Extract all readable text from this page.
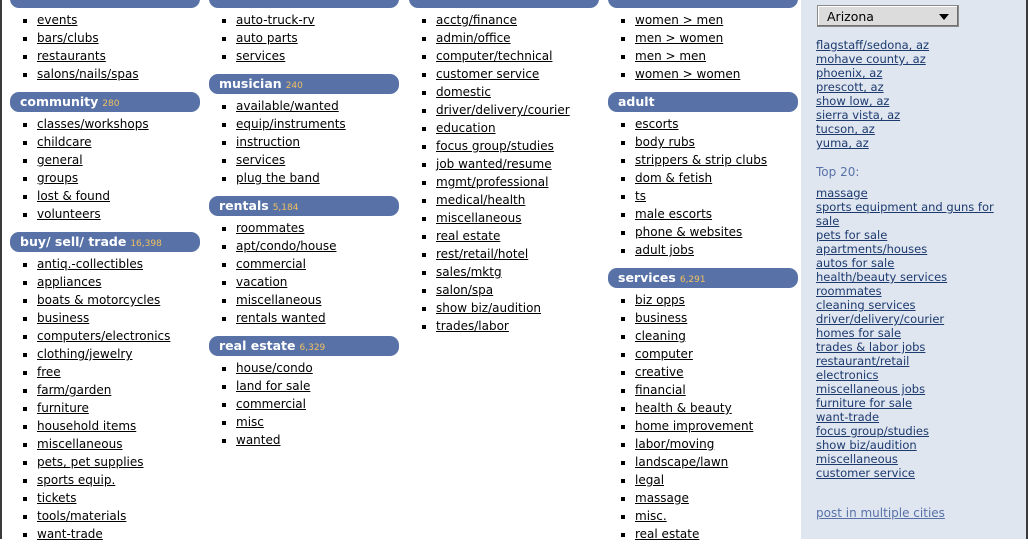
events
bars/clubs
restaurants
salons/nails/spas
community 280
classes/workshops
childcare
general
groups
lost & found
volunteers
buy/ sell/ trade 16,398
antiq.-collectibles
appliances
boats & motorcycles
business
computers/electronics
clothing/jewelry
free
farm/garden
furniture
household items
miscellaneous
pets, pet supplies
sports equip.
tickets
tools/materials
want-trade
auto-truck-rv
auto parts
services
musician 240
available/wanted
equip/instruments
instruction
services
plug the band
rentals 5,184
roommates
apt/condo/house
commercial
vacation
miscellaneous
rentals wanted
real estate 6,329
house/condo
land for sale
commercial
misc
wanted
acctg/finance
admin/office
computer/technical
customer service
domestic
driver/delivery/courier
education
focus group/studies
job wanted/resume
mgmt/professional
medical/health
miscellaneous
real estate
rest/retail/hotel
sales/mktg
salon/spa
show biz/audition
trades/labor
women > men
men > women
men > men
women > women
adult
escorts
body rubs
strippers & strip clubs
dom & fetish
ts
male escorts
phone & websites
adult jobs
services 6,291
biz opps
business
cleaning
computer
creative
financial
health & beauty
home improvement
labor/moving
landscape/lawn
legal
massage
misc.
real estate
Arizona
flagstaff/sedona, az
mohave county, az
phoenix, az
prescott, az
show low, az
sierra vista, az
tucson, az
yuma, az
Top 20:
massage
sports equipment and guns for sale
pets for sale
apartments/houses
autos for sale
health/beauty services
roommates
cleaning services
driver/delivery/courier
homes for sale
trades & labor jobs
restaurant/retail
electronics
miscellaneous jobs
furniture for sale
want-trade
focus group/studies
show biz/audition
miscellaneous
customer service
post in multiple cities
